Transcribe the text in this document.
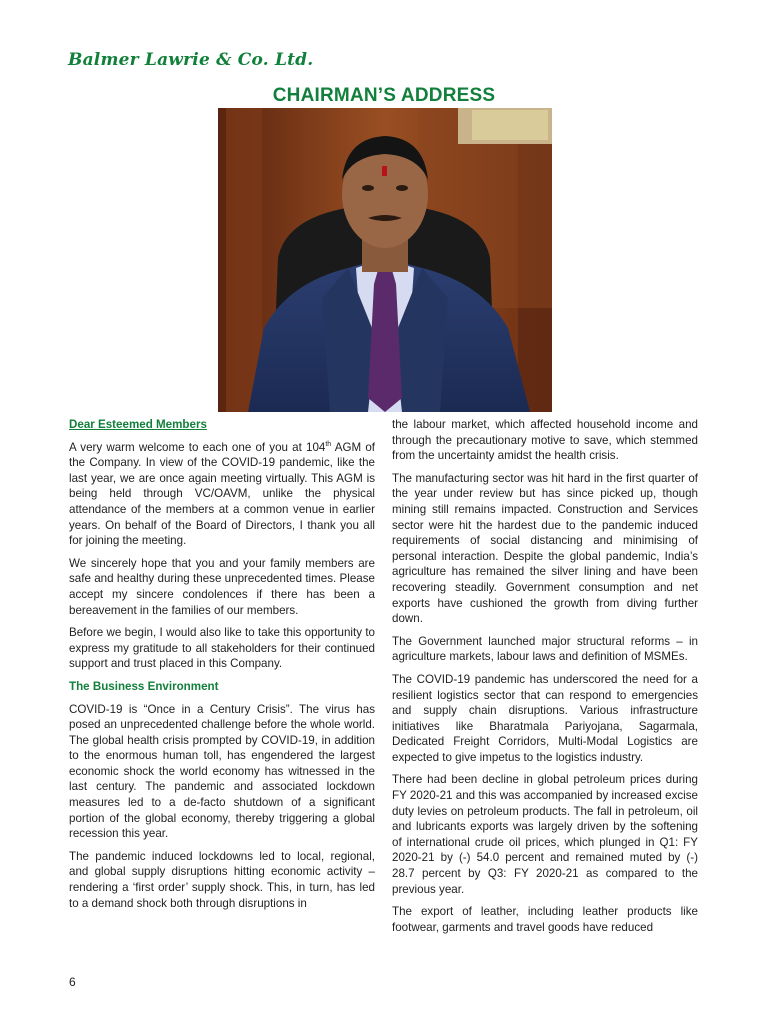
Balmer Lawrie & Co. Ltd.

CHAIRMAN’S ADDRESS

Dear Esteemed Members

A very warm welcome to each one of you at 104th AGM of the Company. In view of the COVID-19 pandemic, like the last year, we are once again meeting virtually. This AGM is being held through VC/OAVM, unlike the physical attendance of the members at a common venue in earlier years. On behalf of the Board of Directors, I thank you all for joining the meeting.

We sincerely hope that you and your family members are safe and healthy during these unprecedented times. Please accept my sincere condolences if there has been a bereavement in the families of our members.

Before we begin, I would also like to take this opportunity to express my gratitude to all stakeholders for their continued support and trust placed in this Company.

The Business Environment

COVID-19 is “Once in a Century Crisis”. The virus has posed an unprecedented challenge before the whole world. The global health crisis prompted by COVID-19, in addition to the enormous human toll, has engendered the largest economic shock the world economy has witnessed in the last century. The pandemic and associated lockdown measures led to a de-facto shutdown of a significant portion of the global economy, thereby triggering a global recession this year.

The pandemic induced lockdowns led to local, regional, and global supply disruptions hitting economic activity – rendering a ‘first order’ supply shock. This, in turn, has led to a demand shock both through disruptions in

the labour market, which affected household income and through the precautionary motive to save, which stemmed from the uncertainty amidst the health crisis.

The manufacturing sector was hit hard in the first quarter of the year under review but has since picked up, though mining still remains impacted. Construction and Services sector were hit the hardest due to the pandemic induced requirements of social distancing and minimising of personal interaction. Despite the global pandemic, India’s agriculture has remained the silver lining and have been recovering steadily. Government consumption and net exports have cushioned the growth from diving further down.

The Government launched major structural reforms – in agriculture markets, labour laws and definition of MSMEs.

The COVID-19 pandemic has underscored the need for a resilient logistics sector that can respond to emergencies and supply chain disruptions. Various infrastructure initiatives like Bharatmala Pariyojana, Sagarmala, Dedicated Freight Corridors, Multi-Modal Logistics are expected to give impetus to the logistics industry.

There had been decline in global petroleum prices during FY 2020-21 and this was accompanied by increased excise duty levies on petroleum products. The fall in petroleum, oil and lubricants exports was largely driven by the softening of international crude oil prices, which plunged in Q1: FY 2020-21 by (-) 54.0 percent and remained muted by (-) 28.7 percent by Q3: FY 2020-21 as compared to the previous year.

The export of leather, including leather products like footwear, garments and travel goods have reduced

6
